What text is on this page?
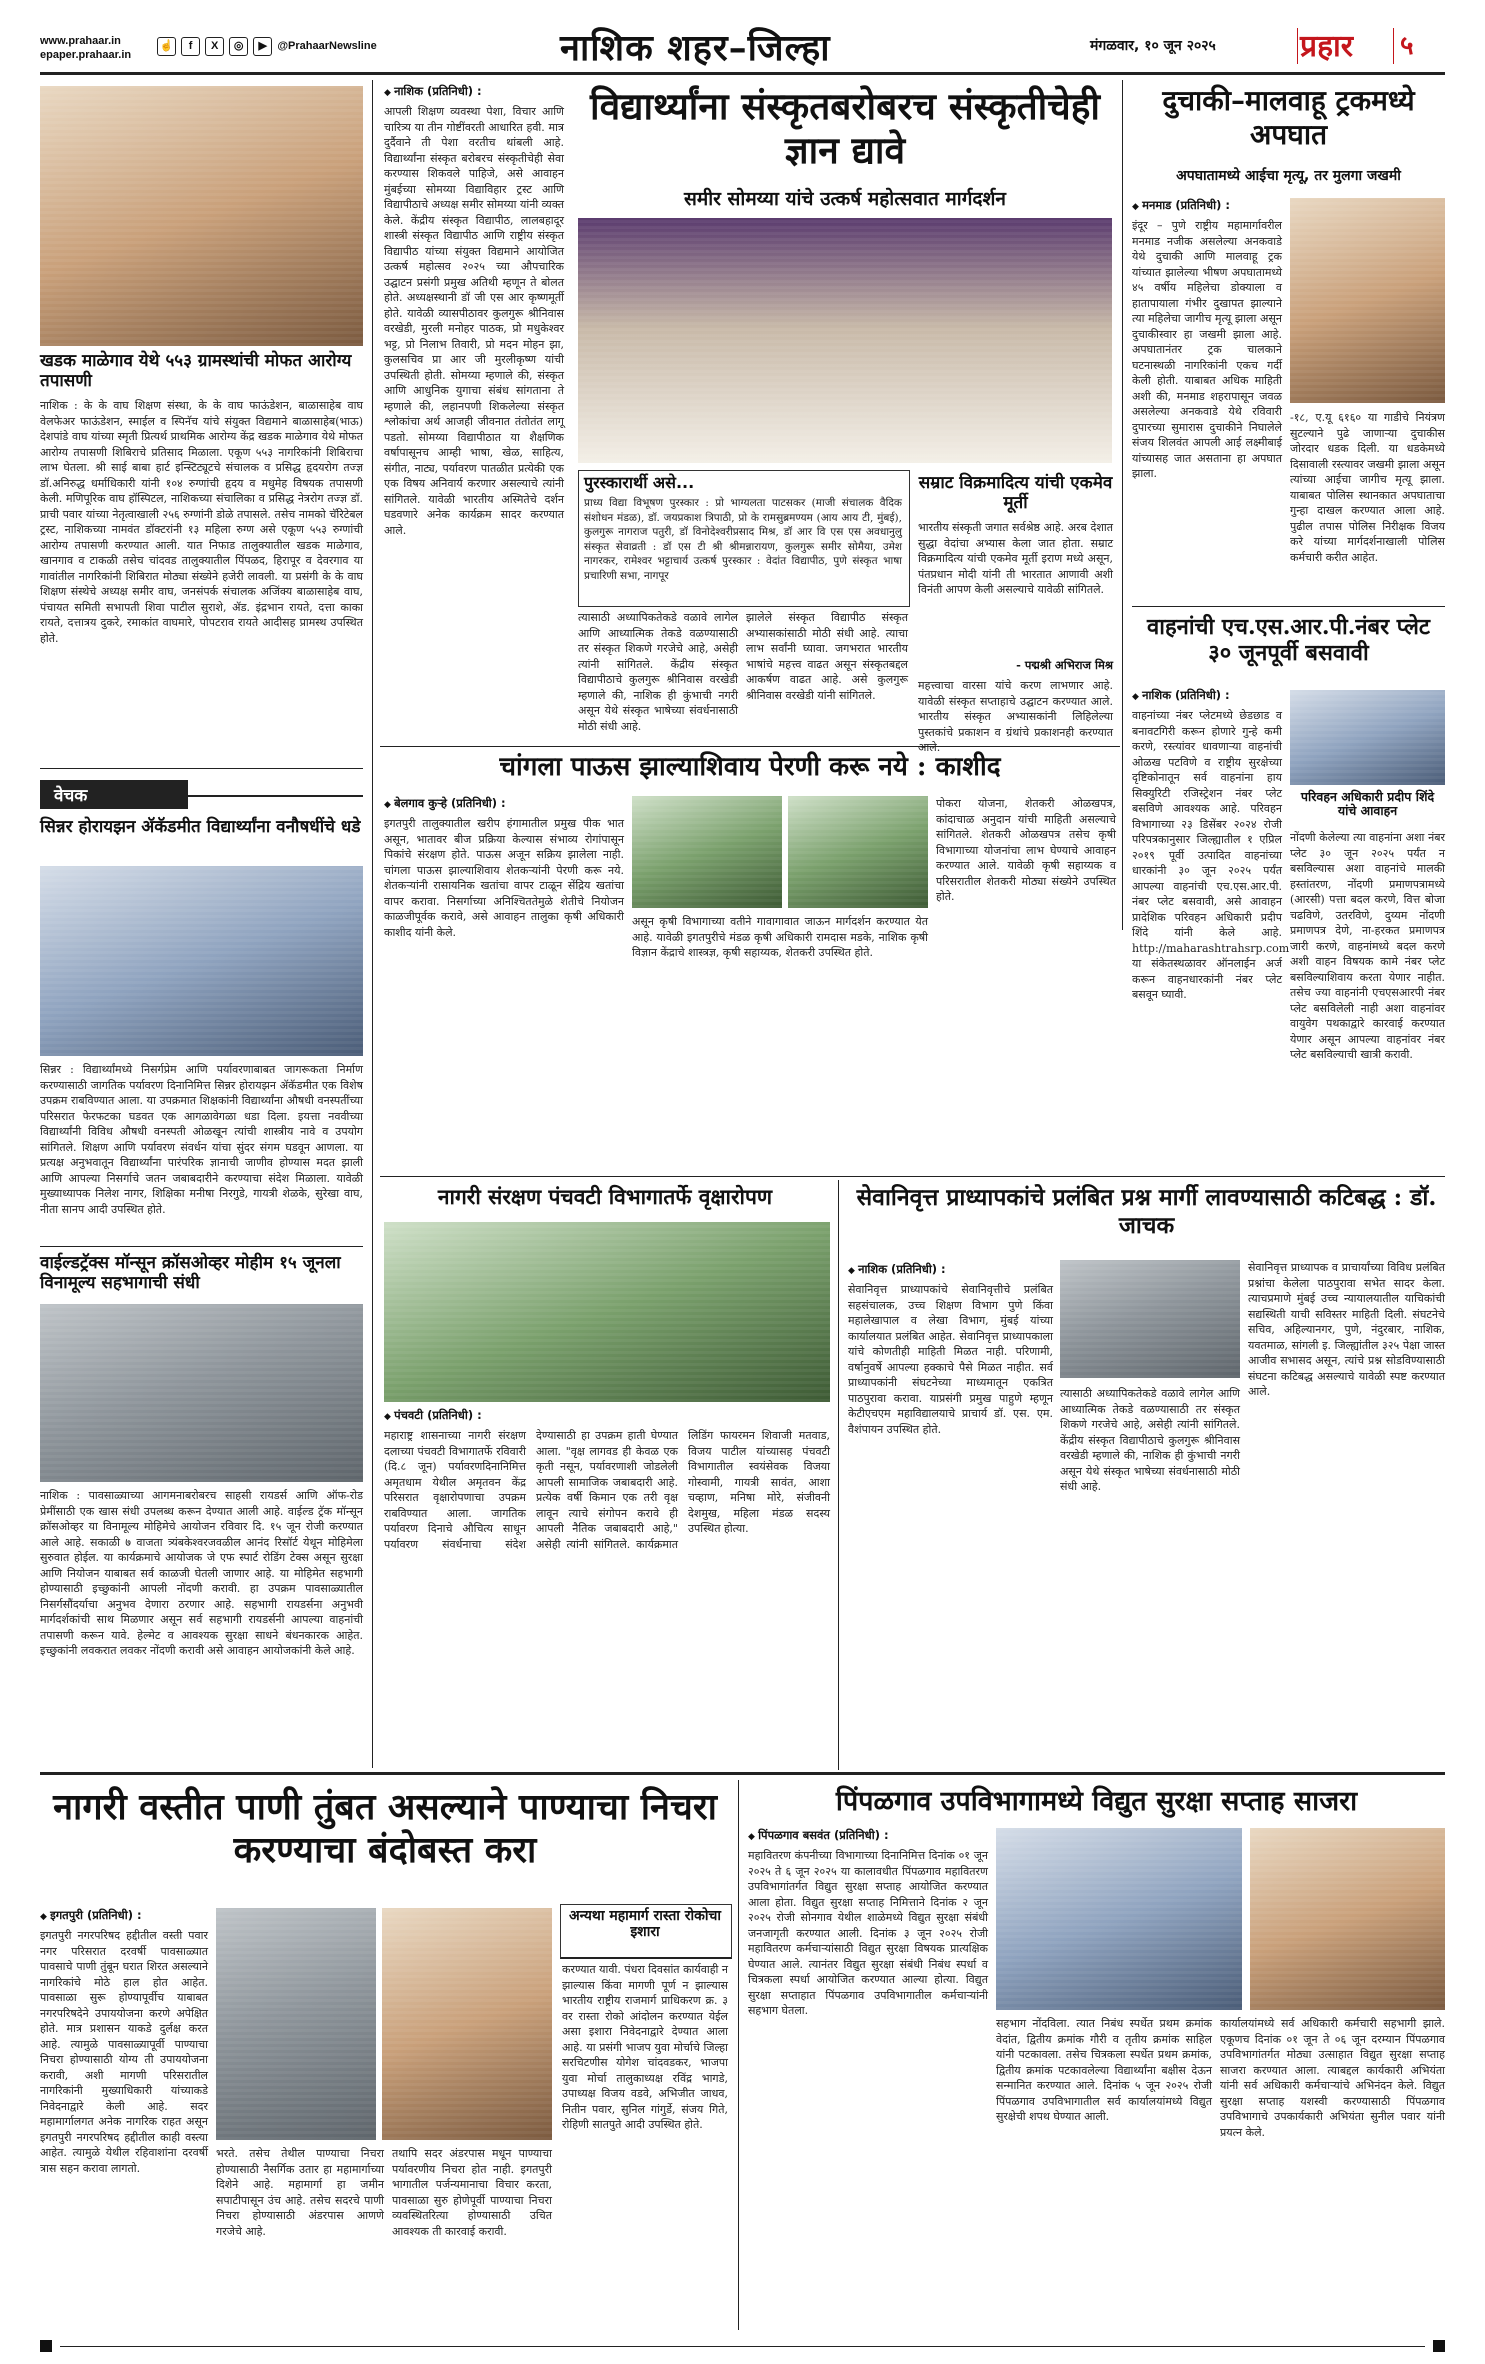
www.prahaar.in
epaper.prahaar.in
☝ f X ◎ ▶ @PrahaarNewsline	नाशिक शहर–जिल्हा	मंगळवार, १० जून २०२५	प्रहार	५
खडक माळेगाव येथे ५५३ ग्रामस्थांची मोफत आरोग्य तपासणी
नाशिक : के के वाघ शिक्षण संस्था, के के वाघ फाऊंडेशन, बाळासाहेब वाघ वेलफेअर फाऊंडेशन, स्माईल व स्पिनॅच यांचे संयुक्त विद्यमाने बाळासाहेब(भाऊ) देशपांडे वाघ यांच्या स्मृती प्रित्यर्थ प्राथमिक आरोग्य केंद्र खडक माळेगाव येथे मोफत आरोग्य तपासणी शिबिराचे प्रतिसाद मिळाला. एकूण ५५३ नागरिकांनी शिबिराचा लाभ घेतला. श्री साई बाबा हार्ट इन्स्टिट्यूटचे संचालक व प्रसिद्ध हृदयरोग तज्ज्ञ डॉ.अनिरुद्ध धर्माधिकारी यांनी १०४ रुग्णांची हृदय व मधुमेह विषयक तपासणी केली. मणिपूरिक वाघ हॉस्पिटल, नाशिकच्या संचालिका व प्रसिद्ध नेत्ररोग तज्ज्ञ डॉ. प्राची पवार यांच्या नेतृत्वाखाली २५६ रुग्णांनी डोळे तपासले. तसेच नामको चॅरिटेबल ट्रस्ट, नाशिकच्या नामवंत डॉक्टरांनी १३ महिला रुग्ण असे एकूण ५५३ रुग्णांची आरोग्य तपासणी करण्यात आली. यात निफाड तालुक्यातील खडक माळेगाव, खानगाव व टाकळी तसेच चांदवड तालुक्यातील पिंपळद, हिरापूर व देवरगाव या गावांतील नागरिकांनी शिबिरात मोठ्या संख्येने हजेरी लावली. या प्रसंगी के के वाघ शिक्षण संस्थेचे अध्यक्ष समीर वाघ, जनसंपर्क संचालक अजिंक्य बाळासाहेब वाघ, पंचायत समिती सभापती शिवा पाटील सुराशे, ॲड. इंद्रभान रायते, दत्ता काका रायते, दत्तात्रय दुकरे, रमाकांत वाघमारे, पोपटराव रायते आदीसह प्रामस्थ उपस्थित होते.
वेचक
सिन्नर होरायझन ॲकॅडमीत विद्यार्थ्यांना वनौषधींचे धडे
सिन्नर : विद्यार्थ्यांमध्ये निसर्गप्रेम आणि पर्यावरणाबाबत जागरूकता निर्माण करण्यासाठी जागतिक पर्यावरण दिनानिमित्त सिन्नर होरायझन ॲकॅडमीत एक विशेष उपक्रम राबविण्यात आला. या उपक्रमात शिक्षकांनी विद्यार्थ्यांना औषधी वनस्पतींच्या परिसरात फेरफटका घडवत एक आगळावेगळा धडा दिला. इयत्ता नववीच्या विद्यार्थ्यांनी विविध औषधी वनस्पती ओळखून त्यांची शास्त्रीय नावे व उपयोग सांगितले. शिक्षण आणि पर्यावरण संवर्धन यांचा सुंदर संगम घडवून आणला. या प्रत्यक्ष अनुभवातून विद्यार्थ्यांना पारंपरिक ज्ञानाची जाणीव होण्यास मदत झाली आणि आपल्या निसर्गाचे जतन जबाबदारीने करण्याचा संदेश मिळाला. यावेळी मुख्याध्यापक निलेश नागर, शिक्षिका मनीषा निरगुडे, गायत्री शेळके, सुरेखा वाघ, नीता सानप आदी उपस्थित होते.
वाईल्डट्रॅक्स मॉन्सून क्रॉसओव्हर मोहीम १५ जूनला विनामूल्य सहभागाची संधी
नाशिक : पावसाळ्याच्या आगमनाबरोबरच साहसी रायडर्स आणि ऑफ-रोड प्रेमींसाठी एक खास संधी उपलब्ध करून देण्यात आली आहे. वाईल्ड ट्रॅक मॉन्सून क्रॉसओव्हर या विनामूल्य मोहिमेचे आयोजन रविवार दि. १५ जून रोजी करण्यात आले आहे. सकाळी ७ वाजता त्र्यंबकेश्वरजवळील आनंद रिसॉर्ट येथून मोहिमेला सुरुवात होईल. या कार्यक्रमाचे आयोजक जे एफ स्पार्ट रोडिंग टेक्स असून सुरक्षा आणि नियोजन याबाबत सर्व काळजी घेतली जाणार आहे. या मोहिमेत सहभागी होण्यासाठी इच्छुकांनी आपली नोंदणी करावी. हा उपक्रम पावसाळ्यातील निसर्गसौंदर्याचा अनुभव देणारा ठरणार आहे. सहभागी रायडर्सना अनुभवी मार्गदर्शकांची साथ मिळणार असून सर्व सहभागी रायडर्सनी आपल्या वाहनांची तपासणी करून यावे. हेल्मेट व आवश्यक सुरक्षा साधने बंधनकारक आहेत. इच्छुकांनी लवकरात लवकर नोंदणी करावी असे आवाहन आयोजकांनी केले आहे.
◆ नाशिक (प्रतिनिधी) :	विद्यार्थ्यांना संस्कृतबरोबरच संस्कृतीचेही ज्ञान द्यावे
समीर सोमय्या यांचे उत्कर्ष महोत्सवात मार्गदर्शन
आपली शिक्षण व्यवस्था पेशा, विचार आणि चारित्र्य या तीन गोष्टींवरती आधारित हवी. मात्र दुर्दैवाने ती पेशा वरतीच थांबली आहे. विद्यार्थ्यांना संस्कृत बरोबरच संस्कृतीचेही सेवा करण्यास शिकवले पाहिजे, असे आवाहन मुंबईच्या सोमय्या विद्याविहार ट्रस्ट आणि विद्यापीठाचे अध्यक्ष समीर सोमय्या यांनी व्यक्त केले. केंद्रीय संस्कृत विद्यापीठ, लालबहादूर शास्त्री संस्कृत विद्यापीठ आणि राष्ट्रीय संस्कृत विद्यापीठ यांच्या संयुक्त विद्यमाने आयोजित उत्कर्ष महोत्सव २०२५ च्या औपचारिक उद्घाटन प्रसंगी प्रमुख अतिथी म्हणून ते बोलत होते. अध्यक्षस्थानी डॉ जी एस आर कृष्णमूर्ती होते. यावेळी व्यासपीठावर कुलगुरू श्रीनिवास वरखेडी, मुरली मनोहर पाठक, प्रो मधुकेश्वर भट्ट, प्रो निलाभ तिवारी, प्रो मदन मोहन झा, कुलसचिव प्रा आर जी मुरलीकृष्ण यांची उपस्थिती होती. सोमय्या म्हणाले की, संस्कृत आणि आधुनिक युगाचा संबंध सांगताना ते म्हणाले की, लहानपणी शिकलेल्या संस्कृत श्लोकांचा अर्थ आजही जीवनात तंतोतंत लागू पडतो. सोमय्या विद्यापीठात या शैक्षणिक वर्षापासूनच आम्ही भाषा, खेळ, साहित्य, संगीत, नाट्य, पर्यावरण पातळीत प्रत्येकी एक एक विषय अनिवार्य करणार असल्याचे त्यांनी सांगितले. यावेळी भारतीय अस्मितेचे दर्शन घडवणारे अनेक कार्यक्रम सादर करण्यात आले.
पुरस्कारार्थी असे...
प्राध्य विद्या विभूषण पुरस्कार : प्रो भाग्यलता पाटसकर (माजी संचालक वैदिक संशोधन मंडळ), डॉ. जयप्रकाश त्रिपाठी, प्रो के रामसुब्रमण्यम (आय आय टी, मुंबई), कुलगुरू नागराज पतुरी, डॉ विनोदेश्वरीप्रसाद मिश्र, डॉ आर वि एस एस अवधानुलु संस्कृत सेवाव्रती : डॉ एस टी श्री श्रीमन्नारायण, कुलगुरू समीर सोमैया, उमेश नागरकर, रामेश्वर भट्टाचार्य उत्कर्ष पुरस्कार : वेदांत विद्यापीठ, पुणे संस्कृत भाषा प्रचारिणी सभा, नागपूर
सम्राट विक्रमादित्य यांची एकमेव मूर्ती
भारतीय संस्कृती जगात सर्वश्रेष्ठ आहे. अरब देशात सुद्धा वेदांचा अभ्यास केला जात होता. सम्राट विक्रमादित्य यांची एकमेव मूर्ती इराण मध्ये असून, पंतप्रधान मोदी यांनी ती भारतात आणावी अशी विनंती आपण केली असल्याचे यावेळी सांगितले.
- पद्मश्री अभिराज मिश्र
त्यासाठी अध्यापिकतेकडे वळावे लागेल आणि आध्यात्मिक तेकडे वळण्यासाठी तर संस्कृत शिकणे गरजेचे आहे, असेही त्यांनी सांगितले. केंद्रीय संस्कृत विद्यापीठाचे कुलगुरू श्रीनिवास वरखेडी म्हणाले की, नाशिक ही कुंभाची नगरी असून येथे संस्कृत भाषेच्या संवर्धनासाठी मोठी संधी आहे.
झालेले संस्कृत विद्यापीठ संस्कृत अभ्यासकांसाठी मोठी संधी आहे. त्याचा लाभ सर्वांनी घ्यावा. जगभरात भारतीय भाषांचे महत्त्व वाढत असून संस्कृतबद्दल आकर्षण वाढत आहे. असे कुलगुरू श्रीनिवास वरखेडी यांनी सांगितले.
महत्त्वाचा वारसा यांचे करण लाभणार आहे. यावेळी संस्कृत सप्ताहाचे उद्घाटन करण्यात आले. भारतीय संस्कृत अभ्यासकांनी लिहिलेल्या पुस्तकांचे प्रकाशन व ग्रंथांचे प्रकाशनही करण्यात आले.
दुचाकी–मालवाहू ट्रकमध्ये अपघात
अपघातामध्ये आईचा मृत्यू, तर मुलगा जखमी
◆ मनमाड (प्रतिनिधी) :
इंदूर – पुणे राष्ट्रीय महामार्गावरील मनमाड नजीक असलेल्या अनकवाडे येथे दुचाकी आणि मालवाहू ट्रक यांच्यात झालेल्या भीषण अपघातामध्ये ४५ वर्षीय महिलेचा डोक्याला व हातापायाला गंभीर दुखापत झाल्याने त्या महिलेचा जागीच मृत्यू झाला असून दुचाकीस्वार हा जखमी झाला आहे. अपघातानंतर ट्रक चालकाने घटनास्थळी नागरिकांनी एकच गर्दी केली होती. याबाबत अधिक माहिती अशी की, मनमाड शहरापासून जवळ असलेल्या अनकवाडे येथे रविवारी दुपारच्या सुमारास दुचाकीने निघालेले संजय शिलवंत आपली आई लक्ष्मीबाई यांच्यासह जात असताना हा अपघात झाला.
-१८, ए.यू ६१६० या गाडीचे नियंत्रण सुटल्याने पुढे जाणाऱ्या दुचाकीस जोरदार धडक दिली. या धडकेमध्ये दिसावाली रस्त्यावर जखमी झाला असून त्यांच्या आईचा जागीच मृत्यू झाला. याबाबत पोलिस स्थानकात अपघाताचा गुन्हा दाखल करण्यात आला आहे. पुढील तपास पोलिस निरीक्षक विजय करे यांच्या मार्गदर्शनाखाली पोलिस कर्मचारी करीत आहेत.
वाहनांची एच.एस.आर.पी.नंबर प्लेट ३० जूनपूर्वी बसवावी
◆ नाशिक (प्रतिनिधी) :
परिवहन अधिकारी प्रदीप शिंदे यांचे आवाहन
वाहनांच्या नंबर प्लेटमध्ये छेडछाड व बनावटगिरी करून होणारे गुन्हे कमी करणे, रस्त्यांवर धावणाऱ्या वाहनांची ओळख पटविणे व राष्ट्रीय सुरक्षेच्या दृष्टिकोनातून सर्व वाहनांना हाय सिक्युरिटी रजिस्ट्रेशन नंबर प्लेट बसविणे आवश्यक आहे. परिवहन विभागाच्या २३ डिसेंबर २०२४ रोजी परिपत्रकानुसार जिल्ह्यातील १ एप्रिल २०१९ पूर्वी उत्पादित वाहनांच्या धारकांनी ३० जून २०२५ पर्यंत आपल्या वाहनांची एच.एस.आर.पी. नंबर प्लेट बसवावी, असे आवाहन प्रादेशिक परिवहन अधिकारी प्रदीप शिंदे यांनी केले आहे. http://maharashtrahsrp.com या संकेतस्थळावर ऑनलाईन अर्ज करून वाहनधारकांनी नंबर प्लेट बसवून घ्यावी.
नोंदणी केलेल्या त्या वाहनांना अशा नंबर प्लेट ३० जून २०२५ पर्यंत न बसविल्यास अशा वाहनांचे मालकी हस्तांतरण, नोंदणी प्रमाणपत्रामध्ये (आरसी) पत्ता बदल करणे, वित्त बोजा चढविणे, उतरविणे, दुय्यम नोंदणी प्रमाणपत्र देणे, ना-हरकत प्रमाणपत्र जारी करणे, वाहनांमध्ये बदल करणे अशी वाहन विषयक कामे नंबर प्लेट बसविल्याशिवाय करता येणार नाहीत. तसेच ज्या वाहनांनी एचएसआरपी नंबर प्लेट बसविलेली नाही अशा वाहनांवर वायुवेग पथकाद्वारे कारवाई करण्यात येणार असून आपल्या वाहनांवर नंबर प्लेट बसविल्याची खात्री करावी.
चांगला पाऊस झाल्याशिवाय पेरणी करू नये : काशीद
◆ बेलगाव कुऱ्हे (प्रतिनिधी) :
इगतपुरी तालुक्यातील खरीप हंगामातील प्रमुख पीक भात असून, भातावर बीज प्रक्रिया केल्यास संभाव्य रोगांपासून पिकांचे संरक्षण होते. पाऊस अजून सक्रिय झालेला नाही. चांगला पाऊस झाल्याशिवाय शेतकऱ्यांनी पेरणी करू नये. शेतकऱ्यांनी रासायनिक खतांचा वापर टाळून सेंद्रिय खतांचा वापर करावा. निसर्गाच्या अनिश्चिततेमुळे शेतीचे नियोजन काळजीपूर्वक करावे, असे आवाहन तालुका कृषी अधिकारी काशीद यांनी केले.
असून कृषी विभागाच्या वतीने गावागावात जाऊन मार्गदर्शन करण्यात येत आहे. यावेळी इगतपुरीचे मंडळ कृषी अधिकारी रामदास मडके, नाशिक कृषी विज्ञान केंद्राचे शास्त्रज्ञ, कृषी सहाय्यक, शेतकरी उपस्थित होते.
पोकरा योजना, शेतकरी ओळखपत्र, कांदाचाळ अनुदान यांची माहिती असल्याचे सांगितले. शेतकरी ओळखपत्र तसेच कृषी विभागाच्या योजनांचा लाभ घेण्याचे आवाहन करण्यात आले. यावेळी कृषी सहाय्यक व परिसरातील शेतकरी मोठ्या संख्येने उपस्थित होते.
नागरी संरक्षण पंचवटी विभागातर्फे वृक्षारोपण
◆ पंचवटी (प्रतिनिधी) :
महाराष्ट्र शासनाच्या नागरी संरक्षण दलाच्या पंचवटी विभागातर्फे रविवारी (दि.८ जून) पर्यावरणदिनानिमित्त अमृतधाम येथील अमृतवन केंद्र परिसरात वृक्षारोपणाचा उपक्रम राबविण्यात आला. जागतिक पर्यावरण दिनाचे औचित्य साधून पर्यावरण संवर्धनाचा संदेश देण्यासाठी हा उपक्रम हाती घेण्यात आला. "वृक्ष लागवड ही केवळ एक कृती नसून, पर्यावरणाशी जोडलेली आपली सामाजिक जबाबदारी आहे. प्रत्येक वर्षी किमान एक तरी वृक्ष लावून त्याचे संगोपन करावे ही आपली नैतिक जबाबदारी आहे," असेही त्यांनी सांगितले. कार्यक्रमात लिडिंग फायरमन शिवाजी मतवाड, विजय पाटील यांच्यासह पंचवटी विभागातील स्वयंसेवक विजया गोस्वामी, गायत्री सावंत, आशा चव्हाण, मनिषा मोरे, संजीवनी देशमुख, महिला मंडळ सदस्य उपस्थित होत्या.
सेवानिवृत्त प्राध्यापकांचे प्रलंबित प्रश्न मार्गी लावण्यासाठी कटिबद्ध : डॉ. जाचक
◆ नाशिक (प्रतिनिधी) :
सेवानिवृत्त प्राध्यापकांचे सेवानिवृत्तीचे प्रलंबित सहसंचालक, उच्च शिक्षण विभाग पुणे किंवा महालेखापाल व लेखा विभाग, मुंबई यांच्या कार्यालयात प्रलंबित आहेत. सेवानिवृत्त प्राध्यापकाला यांचे कोणतीही माहिती मिळत नाही. परिणामी, वर्षानुवर्षे आपल्या हक्काचे पैसे मिळत नाहीत. सर्व प्राध्यापकांनी संघटनेच्या माध्यमातून एकत्रित पाठपुरावा करावा. याप्रसंगी प्रमुख पाहुणे म्हणून केटीएचएम महाविद्यालयाचे प्राचार्य डॉ. एस. एम. वैशंपायन उपस्थित होते.
सेवानिवृत्त प्राध्यापक व प्राचार्यांच्या विविध प्रलंबित प्रश्नांचा केलेला पाठपुरावा सभेत सादर केला. त्याचप्रमाणे मुंबई उच्च न्यायालयातील याचिकांची सद्यस्थिती याची सविस्तर माहिती दिली. संघटनेचे सचिव, अहिल्यानगर, पुणे, नंदुरबार, नाशिक, यवतमाळ, सांगली इ. जिल्ह्यांतील ३२५ पेक्षा जास्त आजीव सभासद असून, त्यांचे प्रश्न सोडविण्यासाठी संघटना कटिबद्ध असल्याचे यावेळी स्पष्ट करण्यात आले.
त्यासाठी अध्यापिकतेकडे वळावे लागेल आणि आध्यात्मिक तेकडे वळण्यासाठी तर संस्कृत शिकणे गरजेचे आहे, असेही त्यांनी सांगितले. केंद्रीय संस्कृत विद्यापीठाचे कुलगुरू श्रीनिवास वरखेडी म्हणाले की, नाशिक ही कुंभाची नगरी असून येथे संस्कृत भाषेच्या संवर्धनासाठी मोठी संधी आहे.
नागरी वस्तीत पाणी तुंबत असल्याने पाण्याचा निचरा करण्याचा बंदोबस्त करा
◆ इगतपुरी (प्रतिनिधी) :
इगतपुरी नगरपरिषद हद्दीतील वस्ती पवार नगर परिसरात दरवर्षी पावसाळ्यात पावसाचे पाणी तुंबून घरात शिरत असल्याने नागरिकांचे मोठे हाल होत आहेत. पावसाळा सुरू होण्यापूर्वीच याबाबत नगरपरिषदेने उपाययोजना करणे अपेक्षित होते. मात्र प्रशासन याकडे दुर्लक्ष करत आहे. त्यामुळे पावसाळ्यापूर्वी पाण्याचा निचरा होण्यासाठी योग्य ती उपाययोजना करावी, अशी मागणी परिसरातील नागरिकांनी मुख्याधिकारी यांच्याकडे निवेदनाद्वारे केली आहे. सदर महामार्गालगत अनेक नागरिक राहत असून इगतपुरी नगरपरिषद हद्दीतील काही वस्त्या आहेत. त्यामुळे येथील रहिवाशांना दरवर्षी त्रास सहन करावा लागतो.
भरते. तसेच तेथील पाण्याचा निचरा होण्यासाठी नैसर्गिक उतार हा महामार्गाच्या दिशेने आहे. महामार्गा हा जमीन सपाटीपासून उंच आहे. तसेच सदरचे पाणी निचरा होण्यासाठी अंडरपास आणणे गरजेचे आहे.
तथापि सदर अंडरपास मधून पाण्याचा पर्यावरणीय निचरा होत नाही. इगतपुरी भागातील पर्जन्यमानाचा विचार करता, पावसाळा सुरु होणेपूर्वी पाण्याचा निचरा व्यवस्थितरित्या होण्यासाठी उचित आवश्यक ती कारवाई करावी.
अन्यथा महामार्ग रास्ता रोकोचा इशारा
करण्यात यावी. पंधरा दिवसांत कार्यवाही न झाल्यास किंवा मागणी पूर्ण न झाल्यास भारतीय राष्ट्रीय राजमार्ग प्राधिकरण क्र. ३ वर रास्ता रोको आंदोलन करण्यात येईल असा इशारा निवेदनाद्वारे देण्यात आला आहे. या प्रसंगी भाजप युवा मोर्चाचे जिल्हा सरचिटणीस योगेश चांदवडकर, भाजपा युवा मोर्चा तालुकाध्यक्ष रविंद्र भागडे, उपाध्यक्ष विजय वडवे, अभिजीत जाधव, नितीन पवार, सुनिल गांगुर्डे, संजय गिते, रोहिणी सातपुते आदी उपस्थित होते.
पिंपळगाव उपविभागामध्ये विद्युत सुरक्षा सप्ताह साजरा
◆ पिंपळगाव बसवंत (प्रतिनिधी) :
महावितरण कंपनीच्या विभागाच्या दिनानिमित्त दिनांक ०१ जून २०२५ ते ६ जून २०२५ या कालावधीत पिंपळगाव महावितरण उपविभागांतर्गत विद्युत सुरक्षा सप्ताह आयोजित करण्यात आला होता. विद्युत सुरक्षा सप्ताह निमित्ताने दिनांक २ जून २०२५ रोजी सोनगाव येथील शाळेमध्ये विद्युत सुरक्षा संबंधी जनजागृती करण्यात आली. दिनांक ३ जून २०२५ रोजी महावितरण कर्मचाऱ्यांसाठी विद्युत सुरक्षा विषयक प्रात्यक्षिक घेण्यात आले. त्यानंतर विद्युत सुरक्षा संबंधी निबंध स्पर्धा व चित्रकला स्पर्धा आयोजित करण्यात आल्या होत्या. विद्युत सुरक्षा सप्ताहात पिंपळगाव उपविभागातील कर्मचाऱ्यांनी सहभाग घेतला.
सहभाग नोंदविला. त्यात निबंध स्पर्धेत प्रथम क्रमांक वेदांत, द्वितीय क्रमांक गौरी व तृतीय क्रमांक साहिल यांनी पटकावला. तसेच चित्रकला स्पर्धेत प्रथम क्रमांक, द्वितीय क्रमांक पटकावलेल्या विद्यार्थ्यांना बक्षीस देऊन सन्मानित करण्यात आले. दिनांक ५ जून २०२५ रोजी पिंपळगाव उपविभागातील सर्व कार्यालयांमध्ये विद्युत सुरक्षेची शपथ घेण्यात आली.
कार्यालयांमध्ये सर्व अधिकारी कर्मचारी सहभागी झाले. एकूणच दिनांक ०१ जून ते ०६ जून दरम्यान पिंपळगाव उपविभागांतर्गत मोठ्या उत्साहात विद्युत सुरक्षा सप्ताह साजरा करण्यात आला. त्याबद्दल कार्यकारी अभियंता यांनी सर्व अधिकारी कर्मचाऱ्यांचे अभिनंदन केले. विद्युत सुरक्षा सप्ताह यशस्वी करण्यासाठी पिंपळगाव उपविभागाचे उपकार्यकारी अभियंता सुनील पवार यांनी प्रयत्न केले.
